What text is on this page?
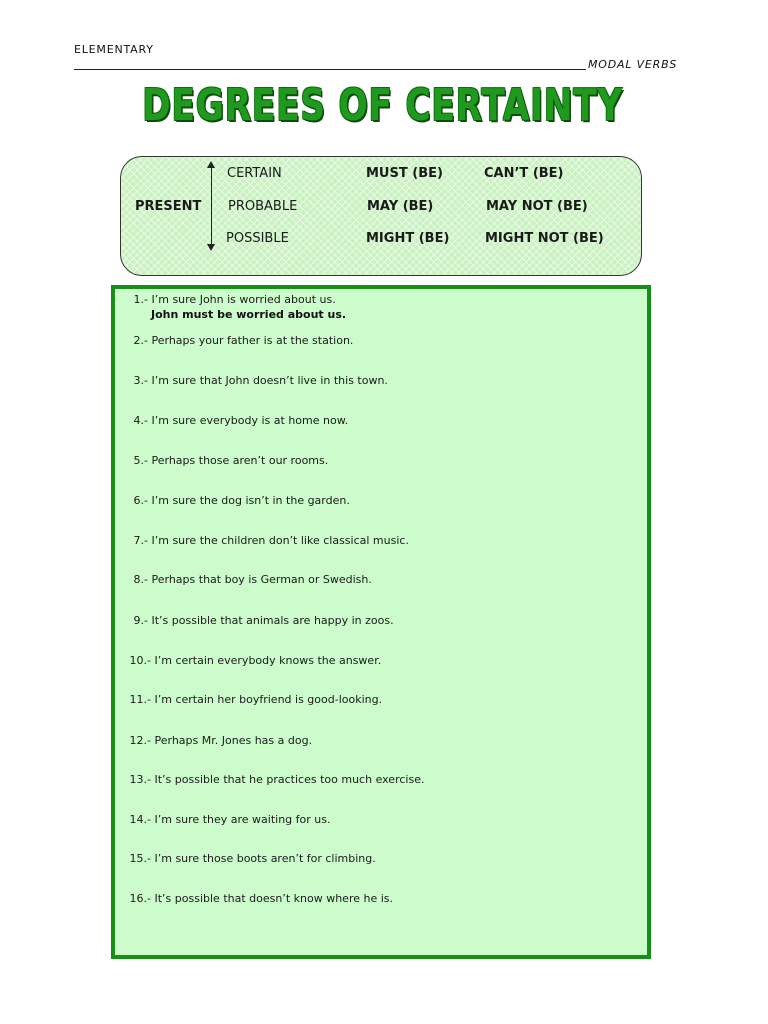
ELEMENTARY
MODAL VERBS
DEGREES OF CERTAINTY
PRESENT
CERTAIN	MUST (BE)	CAN’T (BE)
PROBABLE	MAY (BE)	MAY NOT (BE)
POSSIBLE	MIGHT (BE)	MIGHT NOT (BE)
1.- I’m sure John is worried about us.
John must be worried about us.
2.- Perhaps your father is at the station.
3.- I’m sure that John doesn’t live in this town.
4.- I’m sure everybody is at home now.
5.- Perhaps those aren’t our rooms.
6.- I’m sure the dog isn’t in the garden.
7.- I’m sure the children don’t like classical music.
8.- Perhaps that boy is German or Swedish.
9.- It’s possible that animals are happy in zoos.
10.- I’m certain everybody knows the answer.
11.- I’m certain her boyfriend is good-looking.
12.- Perhaps Mr. Jones has a dog.
13.- It’s possible that he practices too much exercise.
14.- I’m sure they are waiting for us.
15.- I’m sure those boots aren’t for climbing.
16.- It’s possible that doesn’t know where he is.
